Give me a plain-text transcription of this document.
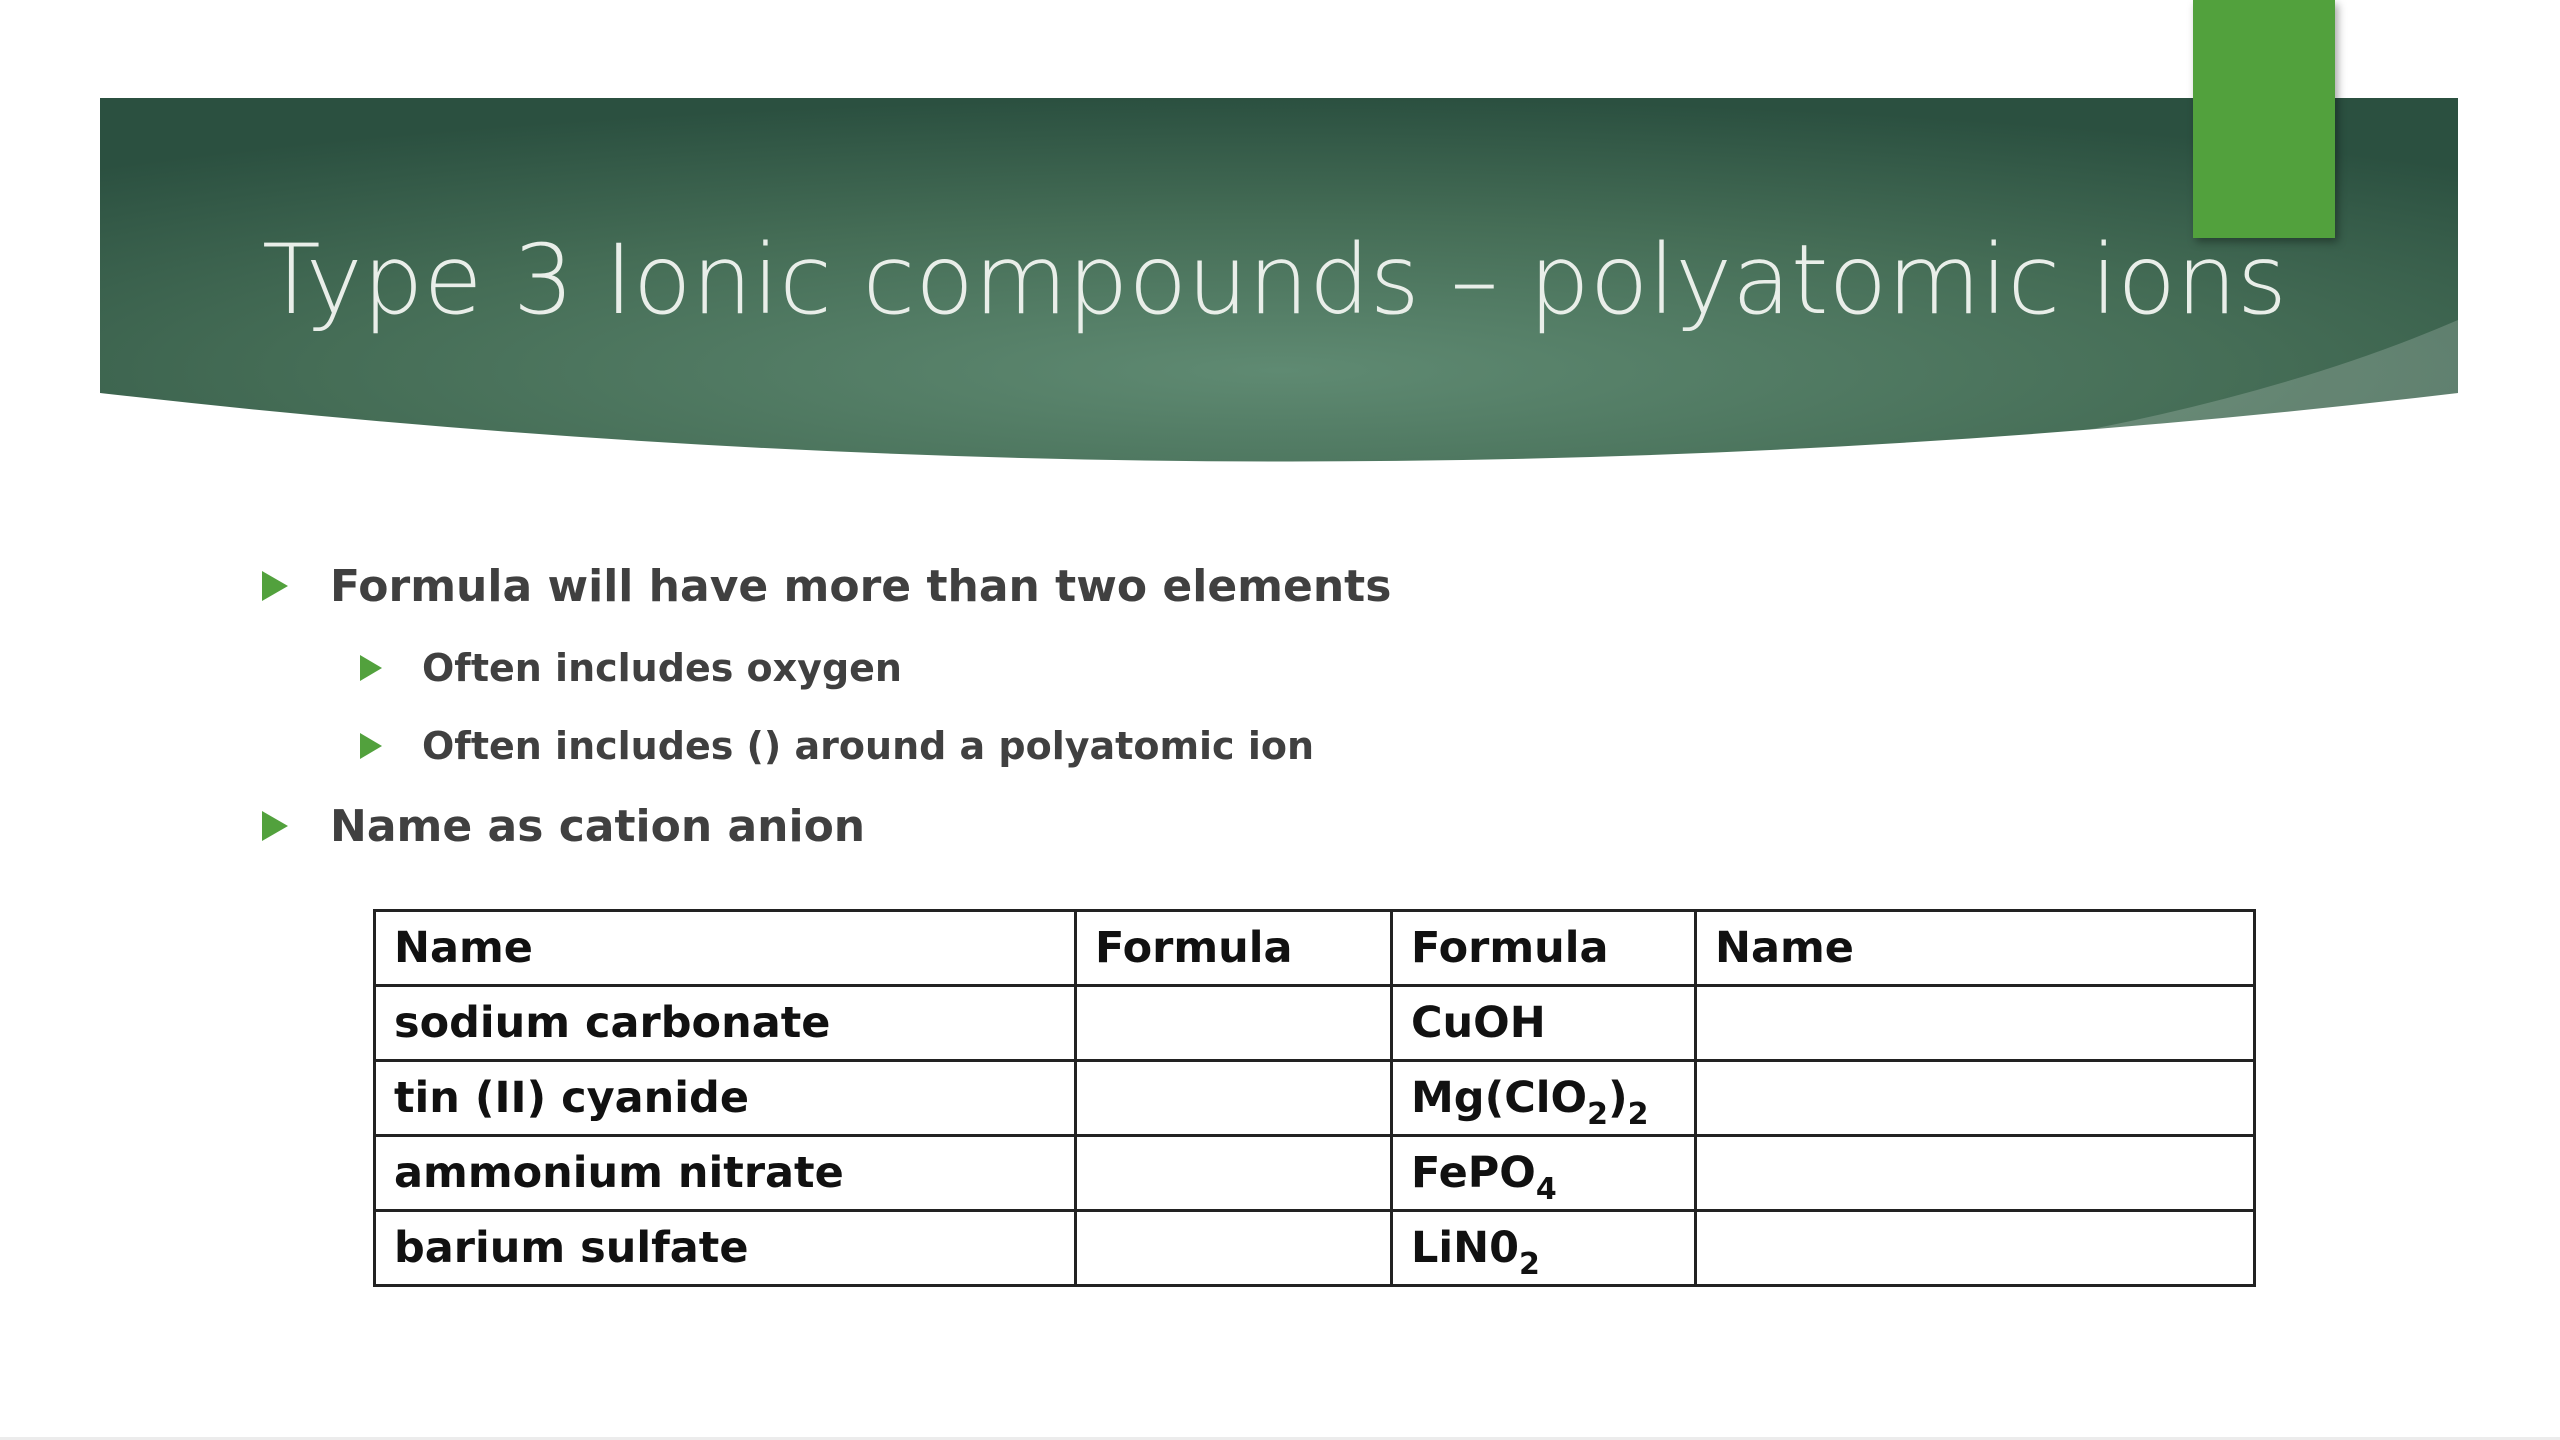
Type 3 Ionic compounds – polyatomic ions
Formula will have more than two elements
Often includes oxygen
Often includes () around a polyatomic ion
Name as cation anion
Name	Formula	Formula	Name
sodium carbonate		CuOH	
tin (II) cyanide		$Mg(ClO_2)_2$	
ammonium nitrate		FePO$_4$	
barium sulfate		$LiN0_2$	
